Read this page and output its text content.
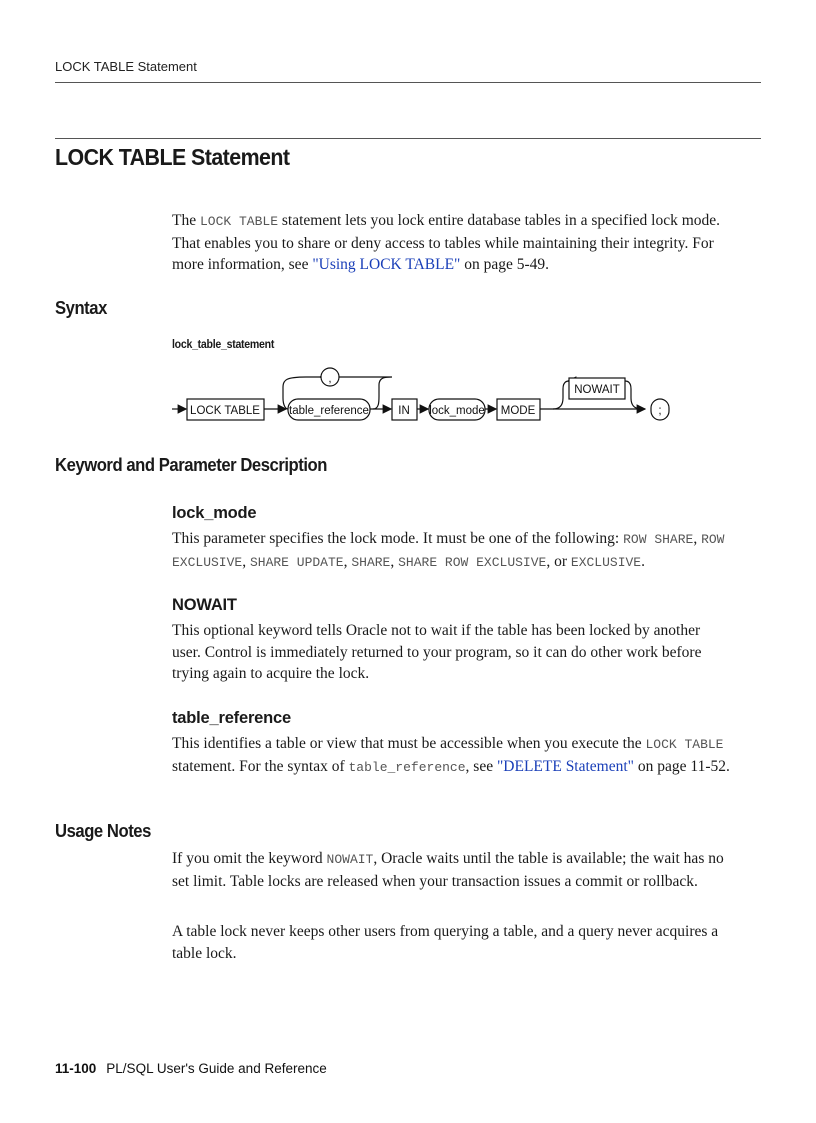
LOCK TABLE Statement
LOCK TABLE Statement

The LOCK TABLE statement lets you lock entire database tables in a specified lock mode. That enables you to share or deny access to tables while maintaining their integrity. For more information, see "Using LOCK TABLE" on page 5-49.

Syntax
lock_table_statement
LOCK TABLE	table_reference
,
IN lock_mode MODE
NOWAIT
;
Keyword and Parameter Description
lock_mode

This parameter specifies the lock mode. It must be one of the following: ROW SHARE, ROW EXCLUSIVE, SHARE UPDATE, SHARE, SHARE ROW EXCLUSIVE, or EXCLUSIVE.

NOWAIT

This optional keyword tells Oracle not to wait if the table has been locked by another user. Control is immediately returned to your program, so it can do other work before trying again to acquire the lock.

table_reference

This identifies a table or view that must be accessible when you execute the LOCK TABLE statement. For the syntax of table_reference, see "DELETE Statement" on page 11-52.

Usage Notes

If you omit the keyword NOWAIT, Oracle waits until the table is available; the wait has no set limit. Table locks are released when your transaction issues a commit or rollback.

A table lock never keeps other users from querying a table, and a query never acquires a table lock.

11-100 PL/SQL User's Guide and Reference
